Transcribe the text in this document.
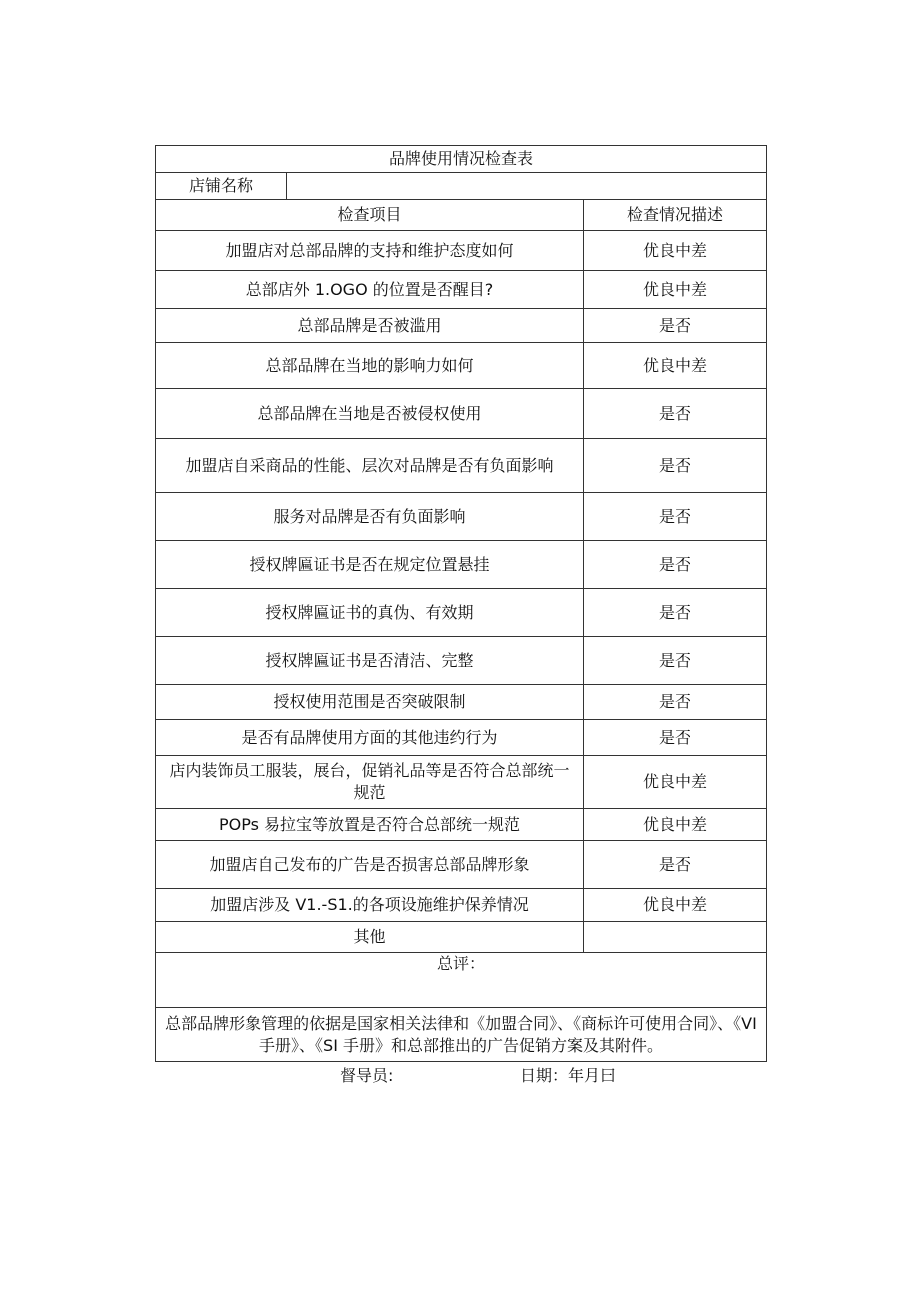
品牌使用情况检查表		
店铺名称		
检查项目		检查情况描述
加盟店对总部品牌的支持和维护态度如何		优良中差
总部店外 1.OGO 的位置是否醒目?		优良中差
总部品牌是否被滥用		是否
总部品牌在当地的影响力如何		优良中差
总部品牌在当地是否被侵权使用		是否
加盟店自采商品的性能、层次对品牌是否有负面影响		是否
服务对品牌是否有负面影响		是否
授权牌匾证书是否在规定位置悬挂		是否
授权牌匾证书的真伪、有效期		是否
授权牌匾证书是否清洁、完整		是否
授权使用范围是否突破限制		是否
是否有品牌使用方面的其他违约行为		是否

店内装饰员工服装，展台，促销礼品等是否符合总部统一
规范		优良中差
POPs 易拉宝等放置是否符合总部统一规范		优良中差
加盟店自己发布的广告是否损害总部品牌形象		是否
加盟店涉及 V1.-S1.的各项设施维护保养情况		优良中差
其他		
总评：		
总部品牌形象管理的依据是国家相关法律和《加盟合同》、《商标许可使用合同》、《VI 手册》、《SI 手册》和总部推出的广告促销方案及其附件。		
督导员:	日期：年月曰
